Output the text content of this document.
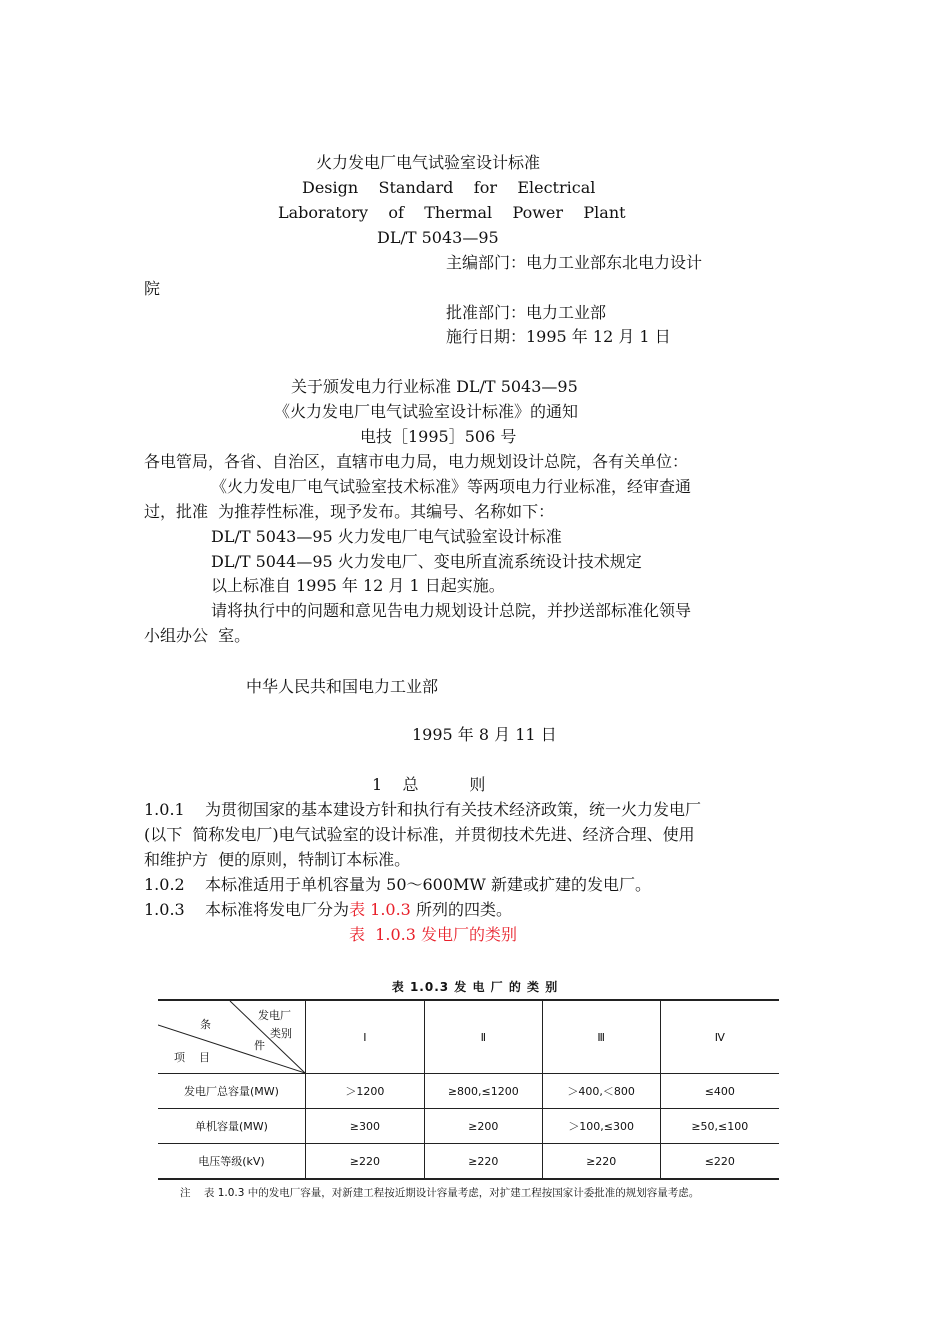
火力发电厂电气试验室设计标准
Design    Standard    for    Electrical
Laboratory    of    Thermal    Power    Plant
DL/T 5043—95
主编部门：电力工业部东北电力设计
院
批准部门：电力工业部
施行日期：1995 年 12 月 1 日
关于颁发电力行业标准 DL/T 5043—95
《火力发电厂电气试验室设计标准》的通知
电技［1995］506 号
各电管局，各省、自治区，直辖市电力局，电力规划设计总院，各有关单位：
《火力发电厂电气试验室技术标准》等两项电力行业标准，经审查通
过，批准  为推荐性标准，现予发布。其编号、名称如下：
DL/T 5043—95 火力发电厂电气试验室设计标准
DL/T 5044—95 火力发电厂、变电所直流系统设计技术规定
以上标准自 1995 年 12 月 1 日起实施。
请将执行中的问题和意见告电力规划设计总院，并抄送部标准化领导
小组办公  室。
中华人民共和国电力工业部
1995 年 8 月 11 日
1    总          则
1.0.1    为贯彻国家的基本建设方针和执行有关技术经济政策，统一火力发电厂
(以下  简称发电厂)电气试验室的设计标准，并贯彻技术先进、经济合理、使用
和维护方  便的原则，特制订本标准。
1.0.2    本标准适用于单机容量为 50～600MW 新建或扩建的发电厂。
1.0.3    本标准将发电厂分为表 1.0.3 所列的四类。
表  1.0.3 发电厂的类别
表 1.0.3 发 电 厂 的 类 别
发电厂
类别
条
件
项    目	Ⅰ	Ⅱ	Ⅲ	Ⅳ
发电厂总容量(MW)	＞1200	≥800,≤1200	＞400,＜800	≤400
单机容量(MW)	≥300	≥200	＞100,≤300	≥50,≤100
电压等级(kV)	≥220	≥220	≥220	≤220
注    表 1.0.3 中的发电厂容量，对新建工程按近期设计容量考虑，对扩建工程按国家计委批准的规划容量考虑。
